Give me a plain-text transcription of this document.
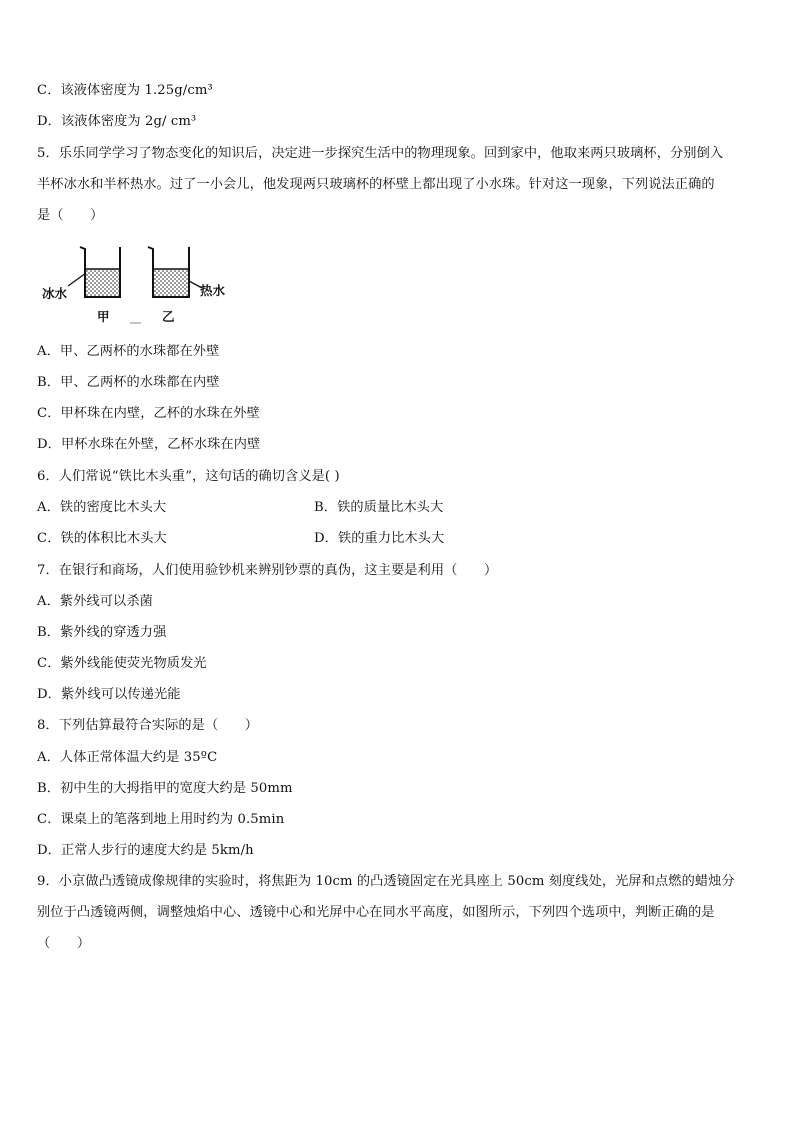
C．该液体密度为 1.25g/cm³
D．该液体密度为 2g/ cm³
5．乐乐同学学习了物态变化的知识后，决定进一步探究生活中的物理现象。回到家中，他取来两只玻璃杯，分别倒入
半杯冰水和半杯热水。过了一小会儿，他发现两只玻璃杯的杯壁上都出现了小水珠。针对这一现象，下列说法正确的
是（　　）
冰水	热水
甲	乙
A．甲、乙两杯的水珠都在外壁
B．甲、乙两杯的水珠都在内壁
C．甲杯珠在内壁，乙杯的水珠在外壁
D．甲杯水珠在外壁，乙杯水珠在内壁
6．人们常说“铁比木头重”，这句话的确切含义是( )
A．铁的密度比木头大	B．铁的质量比木头大
C．铁的体积比木头大	D．铁的重力比木头大
7．在银行和商场，人们使用验钞机来辨别钞票的真伪，这主要是利用（　　）
A．紫外线可以杀菌
B．紫外线的穿透力强
C．紫外线能使荧光物质发光
D．紫外线可以传递光能
8．下列估算最符合实际的是（　　）
A．人体正常体温大约是 35ºC
B．初中生的大拇指甲的宽度大约是 50mm
C．课桌上的笔落到地上用时约为 0.5min
D．正常人步行的速度大约是 5km/h
9．小京做凸透镜成像规律的实验时，将焦距为 10cm 的凸透镜固定在光具座上 50cm 刻度线处，光屏和点燃的蜡烛分
别位于凸透镜两侧，调整烛焰中心、透镜中心和光屏中心在同水平高度，如图所示，下列四个选项中，判断正确的是
（　　）
